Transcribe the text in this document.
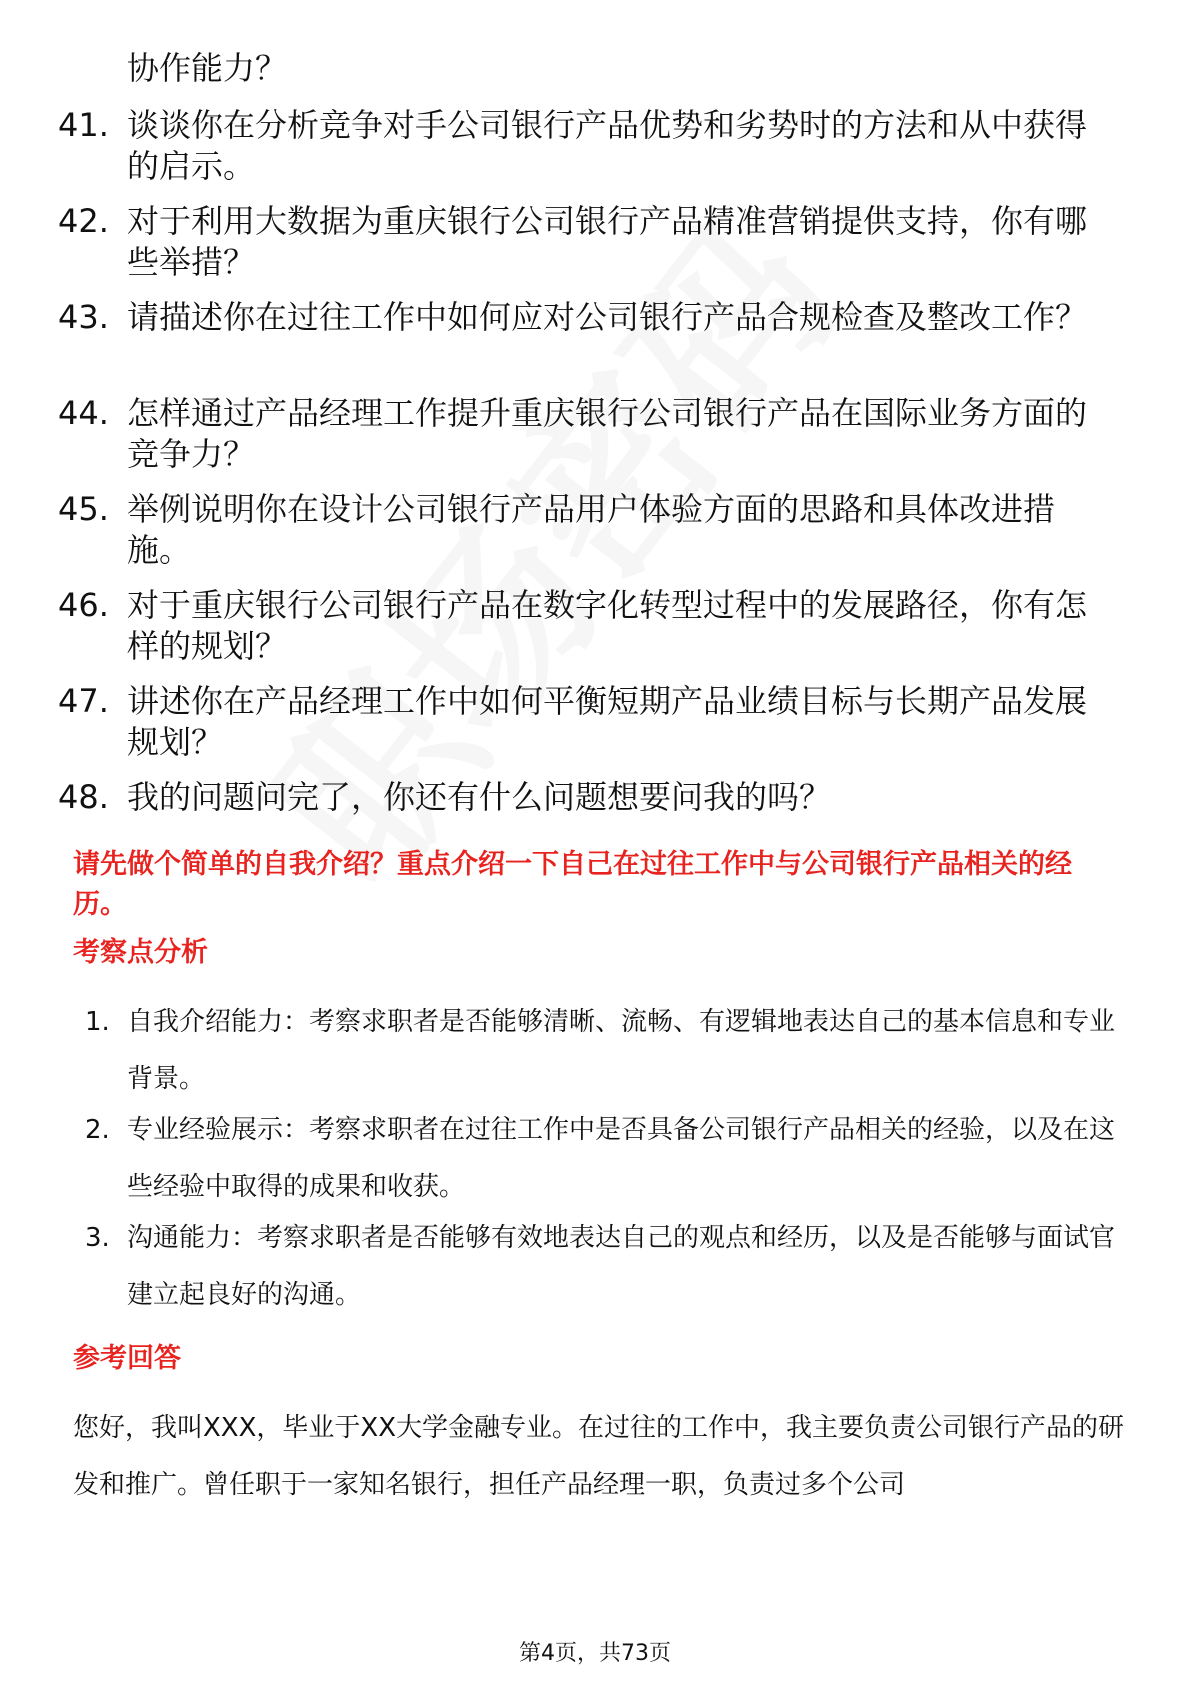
协作能力？
41. 谈谈你在分析竞争对手公司银行产品优势和劣势时的方法和从中获得的启示。
42. 对于利用大数据为重庆银行公司银行产品精准营销提供支持，你有哪些举措？
43. 请描述你在过往工作中如何应对公司银行产品合规检查及整改工作？
44. 怎样通过产品经理工作提升重庆银行公司银行产品在国际业务方面的竞争力？
45. 举例说明你在设计公司银行产品用户体验方面的思路和具体改进措施。
46. 对于重庆银行公司银行产品在数字化转型过程中的发展路径，你有怎样的规划？
47. 讲述你在产品经理工作中如何平衡短期产品业绩目标与长期产品发展规划？
48. 我的问题问完了，你还有什么问题想要问我的吗？
请先做个简单的自我介绍？重点介绍一下自己在过往工作中与公司银行产品相关的经历。
考察点分析
1. 自我介绍能力：考察求职者是否能够清晰、流畅、有逻辑地表达自己的基本信息和专业背景。
2. 专业经验展示：考察求职者在过往工作中是否具备公司银行产品相关的经验，以及在这些经验中取得的成果和收获。
3. 沟通能力：考察求职者是否能够有效地表达自己的观点和经历，以及是否能够与面试官建立起良好的沟通。
参考回答
您好，我叫XXX，毕业于XX大学金融专业。在过往的工作中，我主要负责公司银行产品的研发和推广。曾任职于一家知名银行，担任产品经理一职，负责过多个公司
第4页，共73页
